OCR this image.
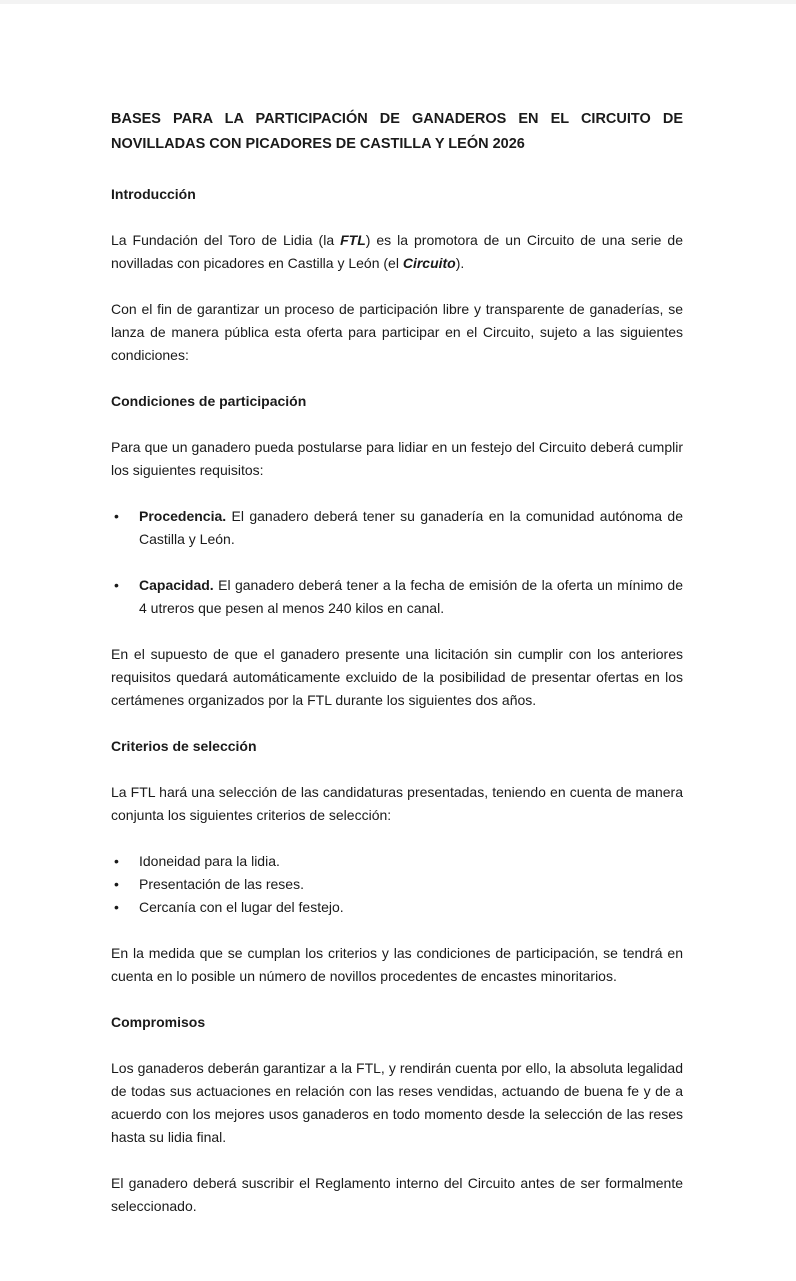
BASES PARA LA PARTICIPACIÓN DE GANADEROS EN EL CIRCUITO DE NOVILLADAS CON PICADORES DE CASTILLA Y LEÓN 2026
Introducción

La Fundación del Toro de Lidia (la FTL) es la promotora de un Circuito de una serie de novilladas con picadores en Castilla y León (el Circuito).

Con el fin de garantizar un proceso de participación libre y transparente de ganaderías, se lanza de manera pública esta oferta para participar en el Circuito, sujeto a las siguientes condiciones:

Condiciones de participación

Para que un ganadero pueda postularse para lidiar en un festejo del Circuito deberá cumplir los siguientes requisitos:

• Procedencia. El ganadero deberá tener su ganadería en la comunidad autónoma de Castilla y León.
• Capacidad. El ganadero deberá tener a la fecha de emisión de la oferta un mínimo de 4 utreros que pesen al menos 240 kilos en canal.

En el supuesto de que el ganadero presente una licitación sin cumplir con los anteriores requisitos quedará automáticamente excluido de la posibilidad de presentar ofertas en los certámenes organizados por la FTL durante los siguientes dos años.

Criterios de selección

La FTL hará una selección de las candidaturas presentadas, teniendo en cuenta de manera conjunta los siguientes criterios de selección:

• Idoneidad para la lidia.
• Presentación de las reses.
• Cercanía con el lugar del festejo.

En la medida que se cumplan los criterios y las condiciones de participación, se tendrá en cuenta en lo posible un número de novillos procedentes de encastes minoritarios.

Compromisos

Los ganaderos deberán garantizar a la FTL, y rendirán cuenta por ello, la absoluta legalidad de todas sus actuaciones en relación con las reses vendidas, actuando de buena fe y de a acuerdo con los mejores usos ganaderos en todo momento desde la selección de las reses hasta su lidia final.

El ganadero deberá suscribir el Reglamento interno del Circuito antes de ser formalmente seleccionado.
